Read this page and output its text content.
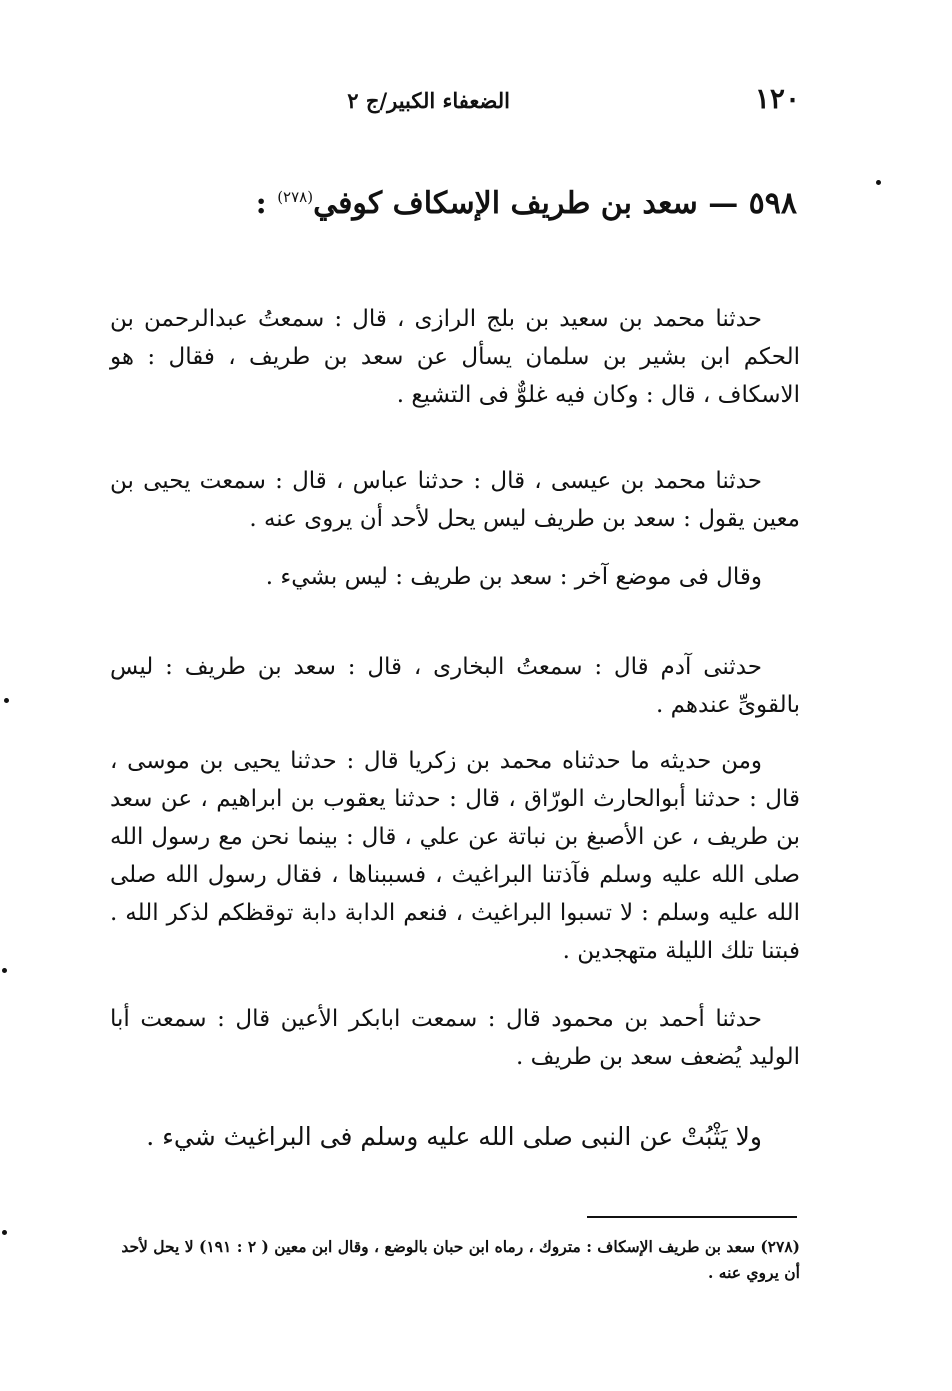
١٢٠
الضعفاء الكبير/ج ٢
٥٩٨ — سعد بن طريف الإسكاف كوفي$^{(٢٧٨)}$ :

حدثنا محمد بن سعيد بن بلج الرازى ، قال : سمعتُ عبدالرحمن بن الحكم ابن بشير بن سلمان يسأل عن سعد بن طريف ، فقال : هو الاسكاف ، قال : وكان فيه غلوٌّ فى التشيع .

حدثنا محمد بن عيسى ، قال : حدثنا عباس ، قال : سمعت يحيى بن معين يقول : سعد بن طريف ليس يحل لأحد أن يروى عنه .

وقال فى موضع آخر : سعد بن طريف : ليس بشيء .

حدثنى آدم قال : سمعتُ البخارى ، قال : سعد بن طريف : ليس بالقوىِّ عندهم .

ومن حديثه ما حدثناه محمد بن زكريا قال : حدثنا يحيى بن موسى ، قال : حدثنا أبوالحارث الورّاق ، قال : حدثنا يعقوب بن ابراهيم ، عن سعد بن طريف ، عن الأصبغ بن نباتة عن علي ، قال : بينما نحن مع رسول الله صلى الله عليه وسلم فآذتنا البراغيث ، فسببناها ، فقال رسول الله صلى الله عليه وسلم : لا تسبوا البراغيث ، فنعم الدابة دابة توقظكم لذكر الله . فبتنا تلك الليلة متهجدين .

حدثنا أحمد بن محمود قال : سمعت ابابكر الأعين قال : سمعت أبا الوليد يُضعف سعد بن طريف .

ولا يَثْبُتْ عن النبى صلى الله عليه وسلم فى البراغيث شيء .

(٢٧٨) سعد بن طريف الإسكاف : متروك ، رماه ابن حبان بالوضع ، وقال ابن معين ( ٢ : ١٩١) لا يحل لأحد أن يروي عنه .
